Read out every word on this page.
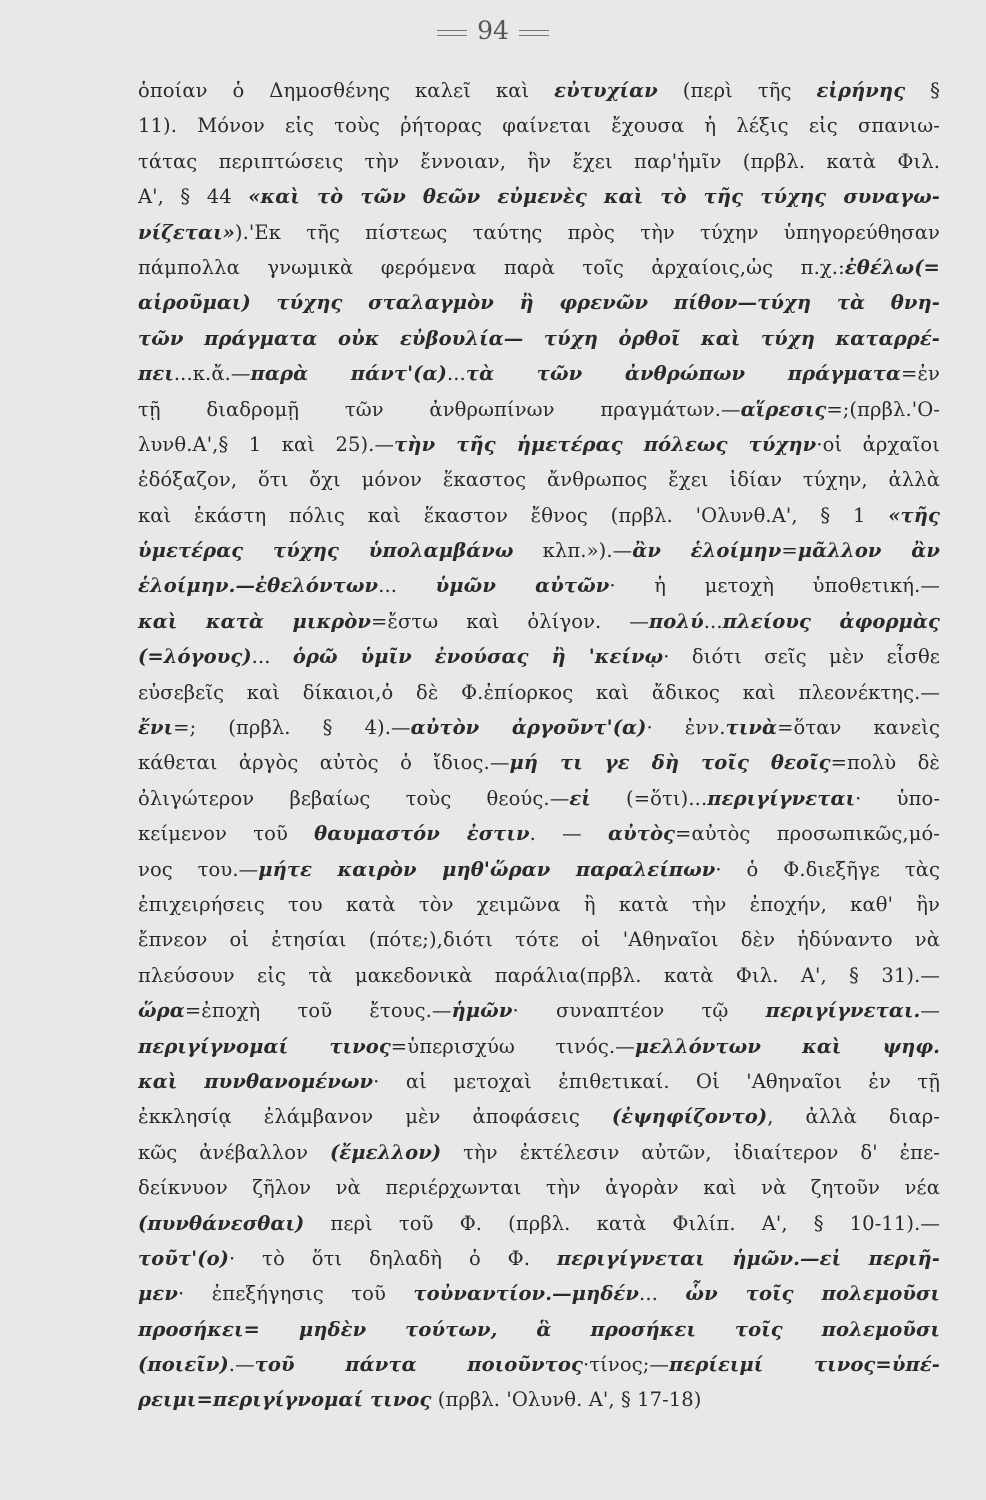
94
ὁποίαν ὁ Δημοσθένης καλεῖ καὶ εὐτυχίαν (περὶ τῆς εἰρήνης §
11). Μόνον εἰς τοὺς ῥήτορας φαίνεται ἔχουσα ἡ λέξις εἰς σπανιω-
τάτας περιπτώσεις τὴν ἔννοιαν, ἣν ἔχει παρ'ἡμῖν (πρβλ. κατὰ Φιλ.
Α', § 44 «καὶ τὸ τῶν θεῶν εὐμενὲς καὶ τὸ τῆς τύχης συναγω-
νίζεται»).'Εκ τῆς πίστεως ταύτης πρὸς τὴν τύχην ὑπηγορεύθησαν
πάμπολλα γνωμικὰ φερόμενα παρὰ τοῖς ἀρχαίοις,ὡς π.χ.:ἐθέλω(=
αἱροῦμαι) τύχης σταλαγμὸν ἢ φρενῶν πίθον—τύχη τὰ θνη-
τῶν πράγματα οὐκ εὐβουλία— τύχη ὀρθοῖ καὶ τύχη καταρρέ-
πει...κ.ἄ.—παρὰ πάντ'(α)...τὰ τῶν ἀνθρώπων πράγματα=ἐν
τῇ διαδρομῇ τῶν ἀνθρωπίνων πραγμάτων.—αἵρεσις=;(πρβλ.'Ο-
λυνθ.Α',§ 1 καὶ 25).—τὴν τῆς ἡμετέρας πόλεως τύχην·οἱ ἀρχαῖοι
ἐδόξαζον, ὅτι ὄχι μόνον ἕκαστος ἄνθρωπος ἔχει ἰδίαν τύχην, ἀλλὰ
καὶ ἑκάστη πόλις καὶ ἕκαστον ἔθνος (πρβλ. 'Ολυνθ.Α', § 1 «τῆς
ὑμετέρας τύχης ὑπολαμβάνω κλπ.»).—ἂν ἑλοίμην=μᾶλλον ἂν
ἑλοίμην.—ἐθελόντων... ὑμῶν αὐτῶν· ἡ μετοχὴ ὑποθετική.—
καὶ κατὰ μικρὸν=ἔστω καὶ ὀλίγον. —πολύ...πλείους ἀφορμὰς
(=λόγους)... ὁρῶ ὑμῖν ἐνούσας ἢ 'κείνῳ· διότι σεῖς μὲν εἶσθε
εὐσεβεῖς καὶ δίκαιοι,ὁ δὲ Φ.ἐπίορκος καὶ ἄδικος καὶ πλεονέκτης.—
ἔνι=; (πρβλ. § 4).—αὐτὸν ἀργοῦντ'(α)· ἐνν.τινὰ=ὅταν κανεὶς
κάθεται ἀργὸς αὐτὸς ὁ ἴδιος.—μή τι γε δὴ τοῖς θεοῖς=πολὺ δὲ
ὀλιγώτερον βεβαίως τοὺς θεούς.—εἰ (=ὅτι)...περιγίγνεται· ὑπο-
κείμενον τοῦ θαυμαστόν ἐστιν. — αὐτὸς=αὐτὸς προσωπικῶς,μό-
νος του.—μήτε καιρὸν μηθ'ὥραν παραλείπων· ὁ Φ.διεξῆγε τὰς
ἐπιχειρήσεις του κατὰ τὸν χειμῶνα ἢ κατὰ τὴν ἐποχήν, καθ' ἣν
ἔπνεον οἱ ἐτησίαι (πότε;),διότι τότε οἱ 'Αθηναῖοι δὲν ἠδύναντο νὰ
πλεύσουν εἰς τὰ μακεδονικὰ παράλια(πρβλ. κατὰ Φιλ. Α', § 31).—
ὥρα=ἐποχὴ τοῦ ἔτους.—ἡμῶν· συναπτέον τῷ περιγίγνεται.—
περιγίγνομαί τινος=ὑπερισχύω τινός.—μελλόντων καὶ ψηφ.
καὶ πυνθανομένων· αἱ μετοχαὶ ἐπιθετικαί. Οἱ 'Αθηναῖοι ἐν τῇ
ἐκκλησίᾳ ἐλάμβανον μὲν ἀποφάσεις (ἐψηφίζοντο), ἀλλὰ διαρ-
κῶς ἀνέβαλλον (ἔμελλον) τὴν ἐκτέλεσιν αὐτῶν, ἰδιαίτερον δ' ἐπε-
δείκνυον ζῆλον νὰ περιέρχωνται τὴν ἀγορὰν καὶ νὰ ζητοῦν νέα
(πυνθάνεσθαι) περὶ τοῦ Φ. (πρβλ. κατὰ Φιλίπ. Α', § 10-11).—
τοῦτ'(ο)· τὸ ὅτι δηλαδὴ ὁ Φ. περιγίγνεται ἡμῶν.—εἰ περιῆ-
μεν· ἐπεξήγησις τοῦ τοὐναντίον.—μηδέν... ὧν τοῖς πολεμοῦσι
προσήκει= μηδὲν τούτων, ἃ προσήκει τοῖς πολεμοῦσι
(ποιεῖν).—τοῦ πάντα ποιοῦντος·τίνος;—περίειμί τινος=ὑπέ-
ρειμι=περιγίγνομαί τινος (πρβλ. 'Ολυνθ. Α', § 17-18)
